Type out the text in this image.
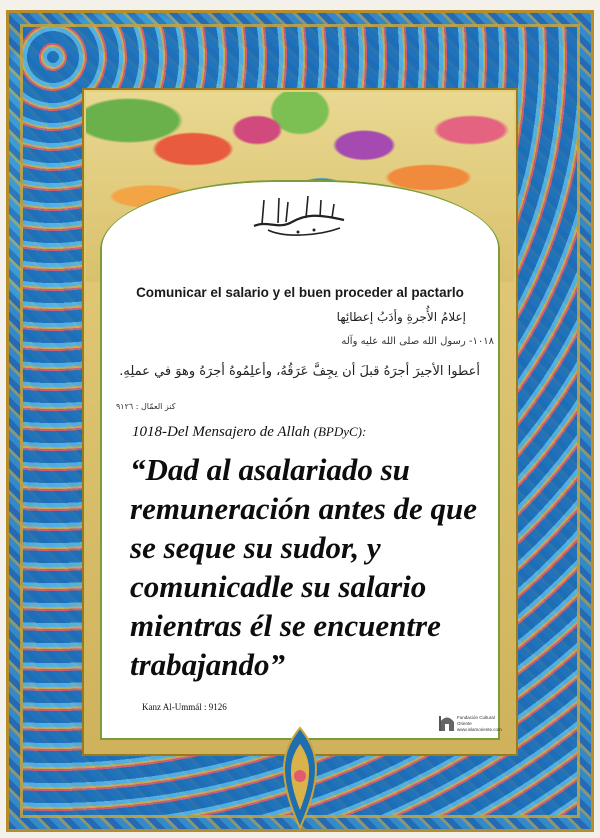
Comunicar el salario y el buen proceder al pactarlo
إعلامُ الأُجرةِ وأدَبُ إعطائِها
١٠١٨- رسول الله صلى الله عليه وآله
أعطوا الأجيرَ أجرَهُ قبلَ أن يجِفَّ عَرَقُهُ، وأعلِمُوهُ أجرَهُ وهوَ في عملِهِ.
كنز العمّال : ٩١٢٦
1018-Del Mensajero de Allah (BPDyC):
“Dad al asalariado su remuneración antes de que se seque su sudor, y comunicadle su salario mientras él se encuentre trabajando”
Kanz Al-Ummál : 9126
Fundación Cultural Oriente
www.islamoriente.com
